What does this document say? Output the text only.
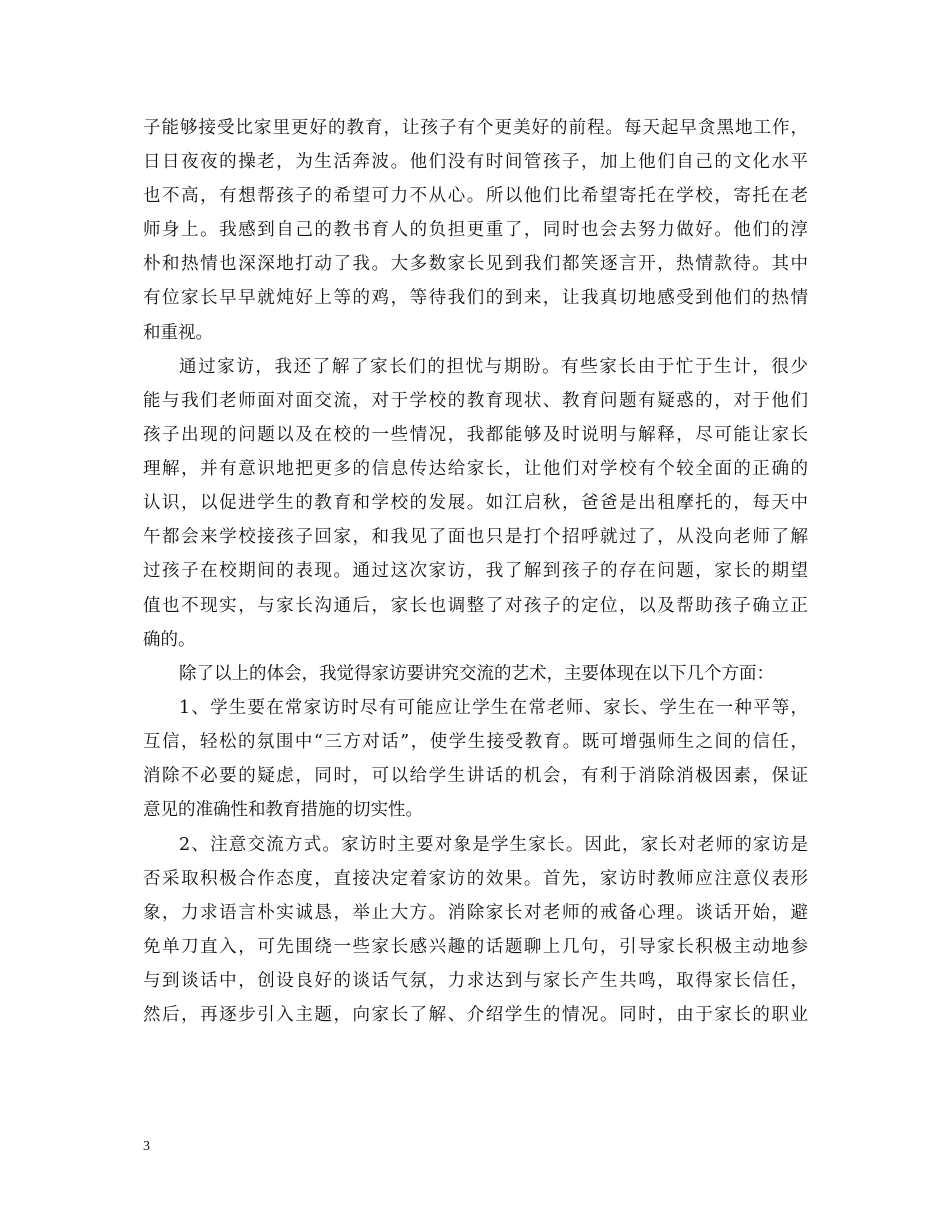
子能够接受比家里更好的教育，让孩子有个更美好的前程。每天起早贪黑地工作，
日日夜夜的操老，为生活奔波。他们没有时间管孩子，加上他们自己的文化水平
也不高，有想帮孩子的希望可力不从心。所以他们比希望寄托在学校，寄托在老
师身上。我感到自己的教书育人的负担更重了，同时也会去努力做好。他们的淳
朴和热情也深深地打动了我。大多数家长见到我们都笑逐言开，热情款待。其中
有位家长早早就炖好上等的鸡，等待我们的到来，让我真切地感受到他们的热情
和重视。
通过家访，我还了解了家长们的担忧与期盼。有些家长由于忙于生计，很少
能与我们老师面对面交流，对于学校的教育现状、教育问题有疑惑的，对于他们
孩子出现的问题以及在校的一些情况，我都能够及时说明与解释，尽可能让家长
理解，并有意识地把更多的信息传达给家长，让他们对学校有个较全面的正确的
认识，以促进学生的教育和学校的发展。如江启秋，爸爸是出租摩托的，每天中
午都会来学校接孩子回家，和我见了面也只是打个招呼就过了，从没向老师了解
过孩子在校期间的表现。通过这次家访，我了解到孩子的存在问题，家长的期望
值也不现实，与家长沟通后，家长也调整了对孩子的定位，以及帮助孩子确立正
确的。
除了以上的体会，我觉得家访要讲究交流的艺术，主要体现在以下几个方面：
1、学生要在常家访时尽有可能应让学生在常老师、家长、学生在一种平等，
互信，轻松的氛围中“三方对话”，使学生接受教育。既可增强师生之间的信任，
消除不必要的疑虑，同时，可以给学生讲话的机会，有利于消除消极因素，保证
意见的准确性和教育措施的切实性。
2、注意交流方式。家访时主要对象是学生家长。因此，家长对老师的家访是
否采取积极合作态度，直接决定着家访的效果。首先，家访时教师应注意仪表形
象，力求语言朴实诚恳，举止大方。消除家长对老师的戒备心理。谈话开始，避
免单刀直入，可先围绕一些家长感兴趣的话题聊上几句，引导家长积极主动地参
与到谈话中，创设良好的谈话气氛，力求达到与家长产生共鸣，取得家长信任，
然后，再逐步引入主题，向家长了解、介绍学生的情况。同时，由于家长的职业
3
